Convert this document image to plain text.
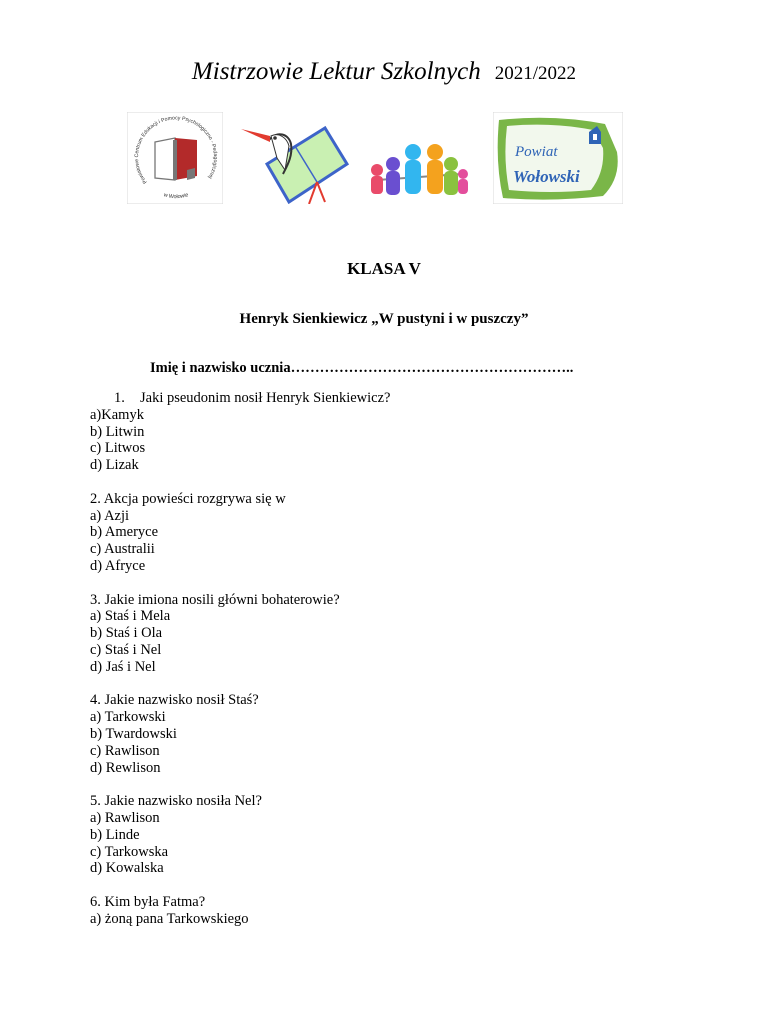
Mistrzowie Lektur Szkolnych 2021/2022
Powiatowe Centrum Edukacji i Pomocy Psychologiczno - Pedagogicznej
w Wołowie
Powiat
Wołowski
KLASA V
Henryk Sienkiewicz „W pustyni i w puszczy”
Imię i nazwisko ucznia…………………………………………………..
1. Jaki pseudonim nosił Henryk Sienkiewicz?
a)Kamyk
b) Litwin
c) Litwos
d) Lizak
2. Akcja powieści rozgrywa się w
a) Azji
b) Ameryce
c) Australii
d) Afryce
3. Jakie imiona nosili główni bohaterowie?
a) Staś i Mela
b) Staś i Ola
c) Staś i Nel
d) Jaś i Nel
4. Jakie nazwisko nosił Staś?
a) Tarkowski
b) Twardowski
c) Rawlison
d) Rewlison
5. Jakie nazwisko nosiła Nel?
a) Rawlison
b) Linde
c) Tarkowska
d) Kowalska
6. Kim była Fatma?
a) żoną pana Tarkowskiego
